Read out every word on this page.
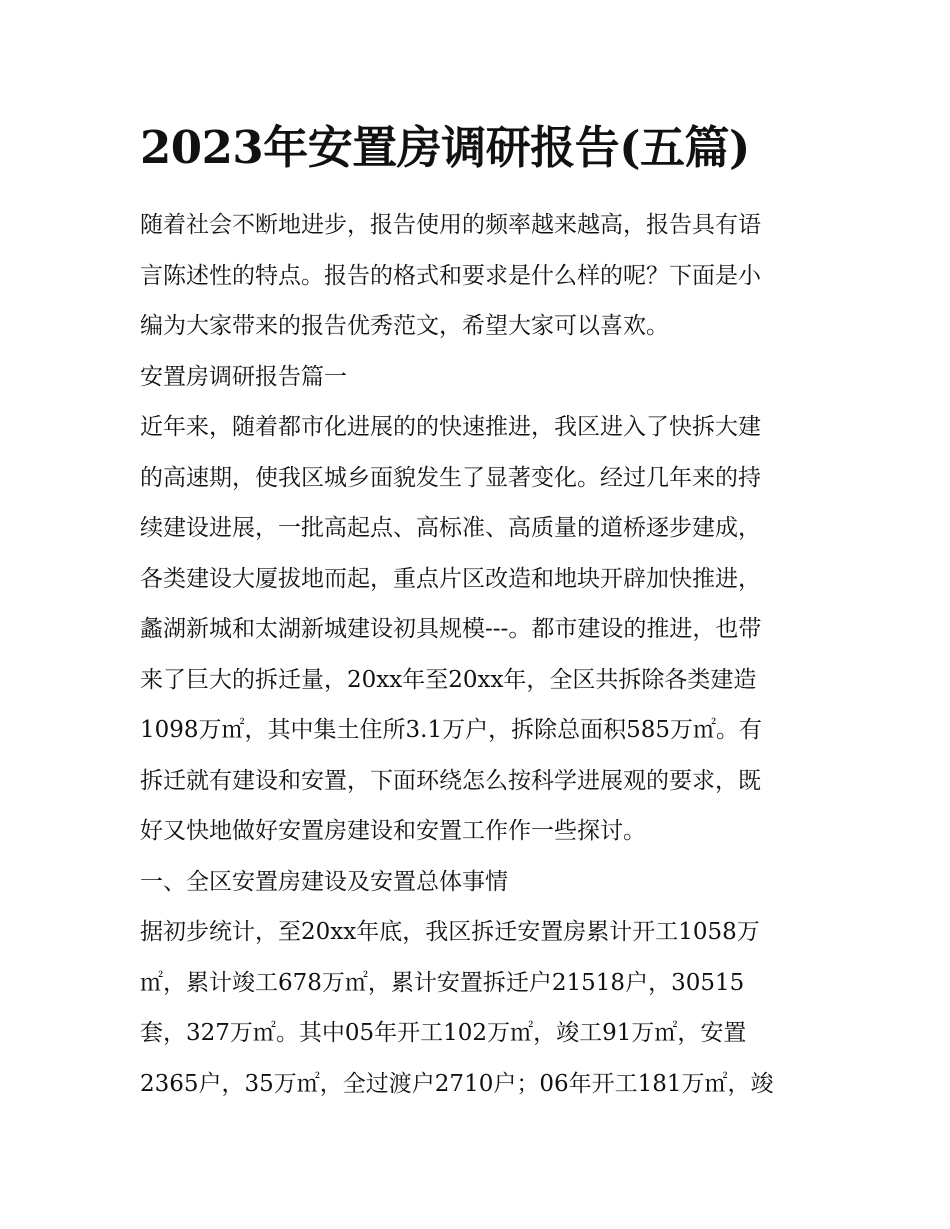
2023年安置房调研报告(五篇)
随着社会不断地进步，报告使用的频率越来越高，报告具有语
言陈述性的特点。报告的格式和要求是什么样的呢？下面是小
编为大家带来的报告优秀范文，希望大家可以喜欢。
安置房调研报告篇一
近年来，随着都市化进展的的快速推进，我区进入了快拆大建
的高速期，使我区城乡面貌发生了显著变化。经过几年来的持
续建设进展，一批高起点、高标准、高质量的道桥逐步建成，
各类建设大厦拔地而起，重点片区改造和地块开辟加快推进，
蠡湖新城和太湖新城建设初具规模---。都市建设的推进，也带
来了巨大的拆迁量，20xx年至20xx年，全区共拆除各类建造
1098万㎡，其中集土住所3.1万户，拆除总面积585万㎡。有
拆迁就有建设和安置，下面环绕怎么按科学进展观的要求，既
好又快地做好安置房建设和安置工作作一些探讨。
一、全区安置房建设及安置总体事情
据初步统计，至20xx年底，我区拆迁安置房累计开工1058万
㎡，累计竣工678万㎡，累计安置拆迁户21518户，30515
套，327万㎡。其中05年开工102万㎡，竣工91万㎡，安置
2365户，35万㎡，全过渡户2710户；06年开工181万㎡，竣
